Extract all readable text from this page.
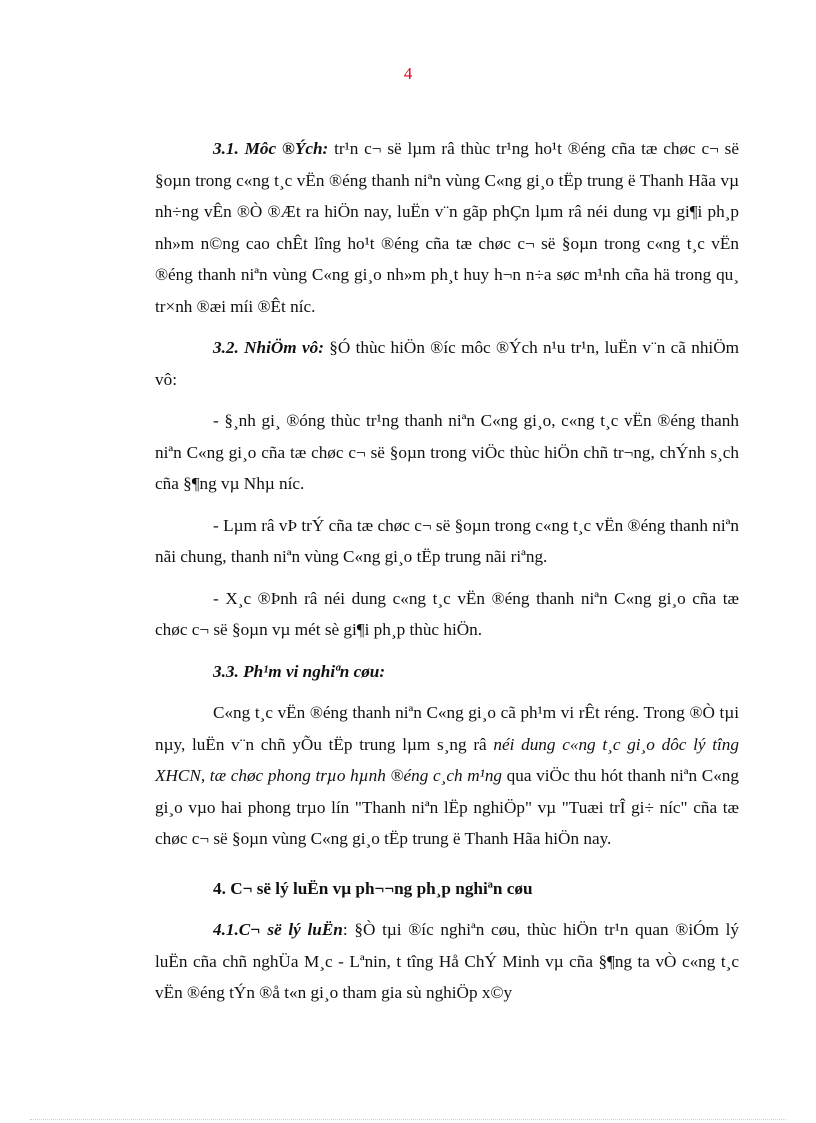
4

3.1. Môc ®Ých: tr¹n c¬ së lµm râ thùc tr¹ng ho¹t ®éng cña tæ chøc c¬ së §oµn trong c«ng t¸c vËn ®éng thanh niªn vùng C«ng gi¸o tËp trung ë Thanh Hãa vµ nh÷ng vÊn ®Ò ®Æt ra hiÖn nay, luËn v¨n gãp phÇn lµm râ néi dung vµ gi¶i ph¸p nh»m n©ng cao chÊt lîng ho¹t ®éng cña tæ chøc c¬ së §oµn trong c«ng t¸c vËn ®éng thanh niªn vùng C«ng gi¸o nh»m ph¸t huy h¬n n÷a søc m¹nh cña hä trong qu¸ tr×nh ®æi míi ®Êt níc.

3.2. NhiÖm vô: §Ó thùc hiÖn ®íc môc ®Ých n¹u tr¹n, luËn v¨n cã nhiÖm vô:

- §¸nh gi¸ ®óng thùc tr¹ng thanh niªn C«ng gi¸o, c«ng t¸c vËn ®éng thanh niªn C«ng gi¸o cña tæ chøc c¬ së §oµn trong viÖc thùc hiÖn chñ tr¬ng, chÝnh s¸ch cña §¶ng vµ Nhµ níc.

- Lµm râ vÞ trÝ cña tæ chøc c¬ së §oµn trong c«ng t¸c vËn ®éng thanh niªn nãi chung, thanh niªn vùng C«ng gi¸o tËp trung nãi riªng.

- X¸c ®Þnh râ néi dung c«ng t¸c vËn ®éng thanh niªn C«ng gi¸o cña tæ chøc c¬ së §oµn vµ mét sè gi¶i ph¸p thùc hiÖn.

3.3. Ph¹m vi nghiªn cøu:

C«ng t¸c vËn ®éng thanh niªn C«ng gi¸o cã ph¹m vi rÊt réng. Trong ®Ò tµi nµy, luËn v¨n chñ yÕu tËp trung lµm s¸ng râ néi dung c«ng t¸c gi¸o dôc lý tîng XHCN, tæ chøc phong trµo hµnh ®éng c¸ch m¹ng qua viÖc thu hót thanh niªn C«ng gi¸o vµo hai phong trµo lín "Thanh niªn lËp nghiÖp" vµ "Tuæi trÎ gi÷ níc" cña tæ chøc c¬ së §oµn vùng C«ng gi¸o tËp trung ë Thanh Hãa hiÖn nay.

4. C¬ së lý luËn vµ ph¬¬ng ph¸p nghiªn cøu

4.1.C¬ së lý luËn: §Ò tµi ®íc nghiªn cøu, thùc hiÖn tr¹n quan ®iÓm lý luËn cña chñ nghÜa M¸c - Lªnin, t tîng Hå ChÝ Minh vµ cña §¶ng ta vÒ c«ng t¸c vËn ®éng tÝn ®å t«n gi¸o tham gia sù nghiÖp x©y
